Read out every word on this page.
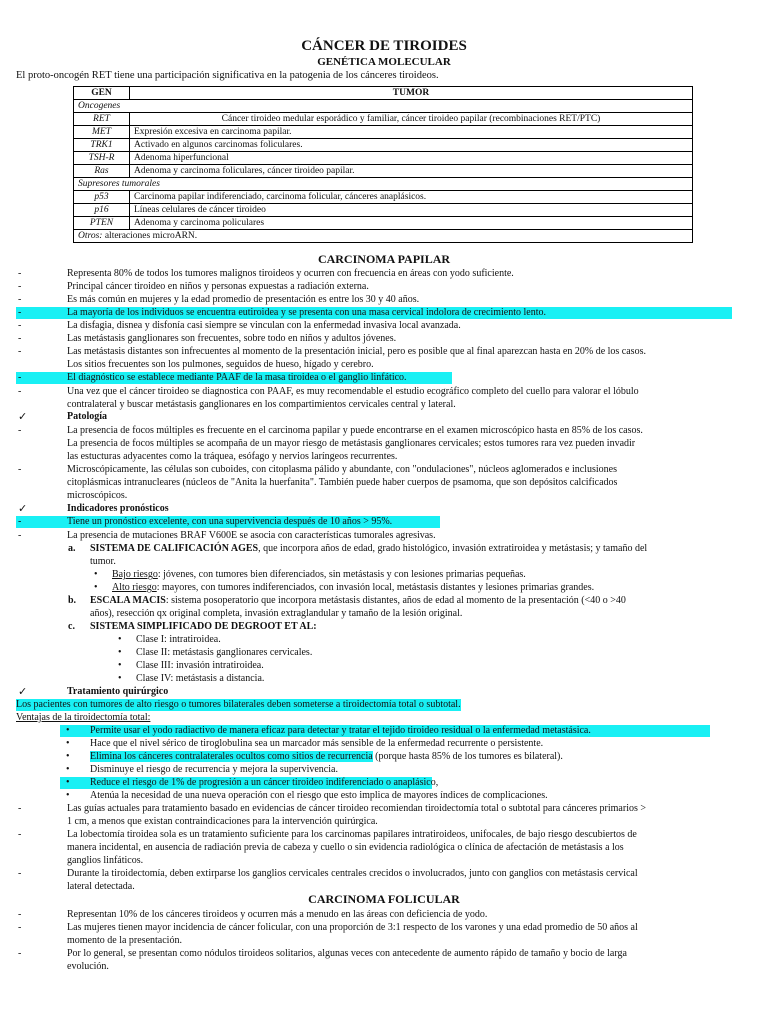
CÁNCER DE TIROIDES
GENÉTICA MOLECULAR
El proto-oncogén RET tiene una participación significativa en la patogenia de los cánceres tiroideos.
GEN	TUMOR
Oncogenes	
RET	Cáncer tiroideo medular esporádico y familiar, cáncer tiroideo papilar (recombinaciones RET/PTC)
MET	Expresión excesiva en carcinoma papilar.
TRK1	Activado en algunos carcinomas foliculares.
TSH-R	Adenoma hiperfuncional
Ras	Adenoma y carcinoma foliculares, cáncer tiroideo papilar.
Supresores tumorales	
p53	Carcinoma papilar indiferenciado, carcinoma folicular, cánceres anaplásicos.
p16	Líneas celulares de cáncer tiroideo
PTEN	Adenoma y carcinoma policulares
Otros: alteraciones microARN.	
CARCINOMA PAPILAR
-	Representa 80% de todos los tumores malignos tiroideos y ocurren con frecuencia en áreas con yodo suficiente.
-	Principal cáncer tiroideo en niños y personas expuestas a radiación externa.
-	Es más común en mujeres y la edad promedio de presentación es entre los 30 y 40 años.
-	La mayoría de los individuos se encuentra eutiroidea y se presenta con una masa cervical indolora de crecimiento lento.
-	La disfagia, disnea y disfonía casi siempre se vinculan con la enfermedad invasiva local avanzada.
-	Las metástasis ganglionares son frecuentes, sobre todo en niños y adultos jóvenes.
-	Las metástasis distantes son infrecuentes al momento de la presentación inicial, pero es posible que al final aparezcan hasta en 20% de los casos.
Los sitios frecuentes son los pulmones, seguidos de hueso, hígado y cerebro.
-	El diagnóstico se establece mediante PAAF de la masa tiroidea o el ganglio linfático.
-	Una vez que el cáncer tiroideo se diagnostica con PAAF, es muy recomendable el estudio ecográfico completo del cuello para valorar el lóbulo
contralateral y buscar metástasis ganglionares en los compartimientos cervicales central y lateral.
✓	Patología
-	La presencia de focos múltiples es frecuente en el carcinoma papilar y puede encontrarse en el examen microscópico hasta en 85% de los casos.
La presencia de focos múltiples se acompaña de un mayor riesgo de metástasis ganglionares cervicales; estos tumores rara vez pueden invadir
las estucturas adyacentes como la tráquea, esófago y nervios laríngeos recurrentes.
-	Microscópicamente, las células son cuboides, con citoplasma pálido y abundante, con "ondulaciones", núcleos aglomerados e inclusiones
citoplásmicas intranucleares (núcleos de "Anita la huerfanita". También puede haber cuerpos de psamoma, que son depósitos calcificados
microscópicos.
✓	Indicadores pronósticos
-	Tiene un pronóstico excelente, con una supervivencia después de 10 años > 95%.
-	La presencia de mutaciones BRAF V600E se asocia con características tumorales agresivas.
a. SISTEMA DE CALIFICACIÓN AGES, que incorpora años de edad, grado histológico, invasión extratiroidea y metástasis; y tamaño del
tumor.
• Bajo riesgo: jóvenes, con tumores bien diferenciados, sin metástasis y con lesiones primarias pequeñas.
• Alto riesgo: mayores, con tumores indiferenciados, con invasión local, metástasis distantes y lesiones primarias grandes.
b. ESCALA MACIS: sistema posoperatorio que incorpora metástasis distantes, años de edad al momento de la presentación (<40 o >40
años), resección qx original completa, invasión extraglandular y tamaño de la lesión original.
c. SISTEMA SIMPLIFICADO DE DEGROOT ET AL:
• Clase I: intratiroidea.
• Clase II: metástasis ganglionares cervicales.
• Clase III: invasión intratiroidea.
• Clase IV: metástasis a distancia.
✓	Tratamiento quirúrgico
Los pacientes con tumores de alto riesgo o tumores bilaterales deben someterse a tiroidectomía total o subtotal.
Ventajas de la tiroidectomía total:
• Permite usar el yodo radiactivo de manera eficaz para detectar y tratar el tejido tiroideo residual o la enfermedad metastásica.
• Hace que el nivel sérico de tiroglobulina sea un marcador más sensible de la enfermedad recurrente o persistente.
• Elimina los cánceres contralaterales ocultos como sitios de recurrencia (porque hasta 85% de los tumores es bilateral).
• Disminuye el riesgo de recurrencia y mejora la supervivencia.
• Reduce el riesgo de 1% de progresión a un cáncer tiroideo indiferenciado o anaplásico,
• Atenúa la necesidad de una nueva operación con el riesgo que esto implica de mayores índices de complicaciones.
-	Las guías actuales para tratamiento basado en evidencias de cáncer tiroideo recomiendan tiroidectomía total o subtotal para cánceres primarios >
1 cm, a menos que existan contraindicaciones para la intervención quirúrgica.
-	La lobectomía tiroidea sola es un tratamiento suficiente para los carcinomas papilares intratiroideos, unifocales, de bajo riesgo descubiertos de
manera incidental, en ausencia de radiación previa de cabeza y cuello o sin evidencia radiológica o clínica de afectación de metástasis a los
ganglios linfáticos.
-	Durante la tiroidectomía, deben extirparse los ganglios cervicales centrales crecidos o involucrados, junto con ganglios con metástasis cervical
lateral detectada.
CARCINOMA FOLICULAR
-	Representan 10% de los cánceres tiroideos y ocurren más a menudo en las áreas con deficiencia de yodo.
-	Las mujeres tienen mayor incidencia de cáncer folicular, con una proporción de 3:1 respecto de los varones y una edad promedio de 50 años al
momento de la presentación.
-	Por lo general, se presentan como nódulos tiroideos solitarios, algunas veces con antecedente de aumento rápido de tamaño y bocio de larga
evolución.
